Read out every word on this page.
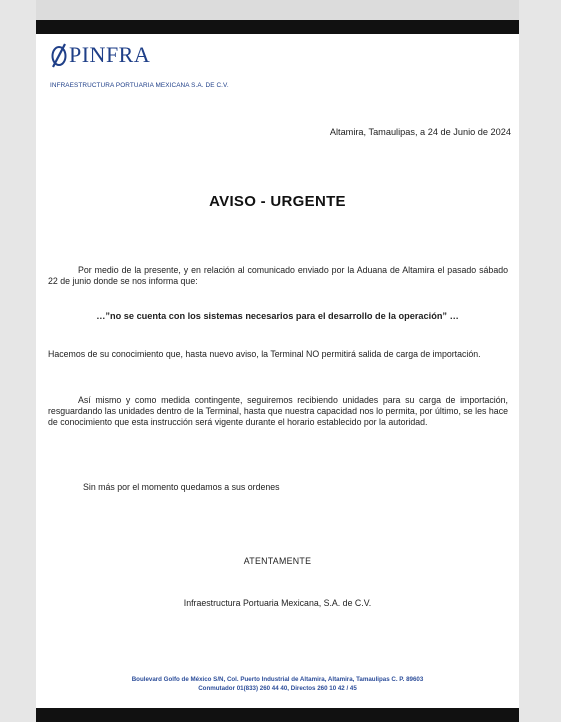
PINFRA
INFRAESTRUCTURA PORTUARIA MEXICANA S.A. DE C.V.
Altamira, Tamaulipas, a 24 de Junio de 2024
AVISO - URGENTE
Por medio de la presente, y en relación al comunicado enviado por la Aduana de Altamira el pasado sábado 22 de junio donde se nos informa que:
…”no se cuenta con los sistemas necesarios para el desarrollo de la operación” …
Hacemos de su conocimiento que, hasta nuevo aviso, la Terminal NO permitirá salida de carga de importación.
Así mismo y como medida contingente, seguiremos recibiendo unidades para su carga de importación, resguardando las unidades dentro de la Terminal, hasta que nuestra capacidad nos lo permita, por último, se les hace de conocimiento que esta instrucción será vigente durante el horario establecido por la autoridad.
Sin más por el momento quedamos a sus ordenes
ATENTAMENTE
Infraestructura Portuaria Mexicana, S.A. de C.V.
Boulevard Golfo de México S/N, Col. Puerto Industrial de Altamira, Altamira, Tamaulipas C. P. 89603
Conmutador 01(833) 260 44 40, Directos 260 10 42 / 45
